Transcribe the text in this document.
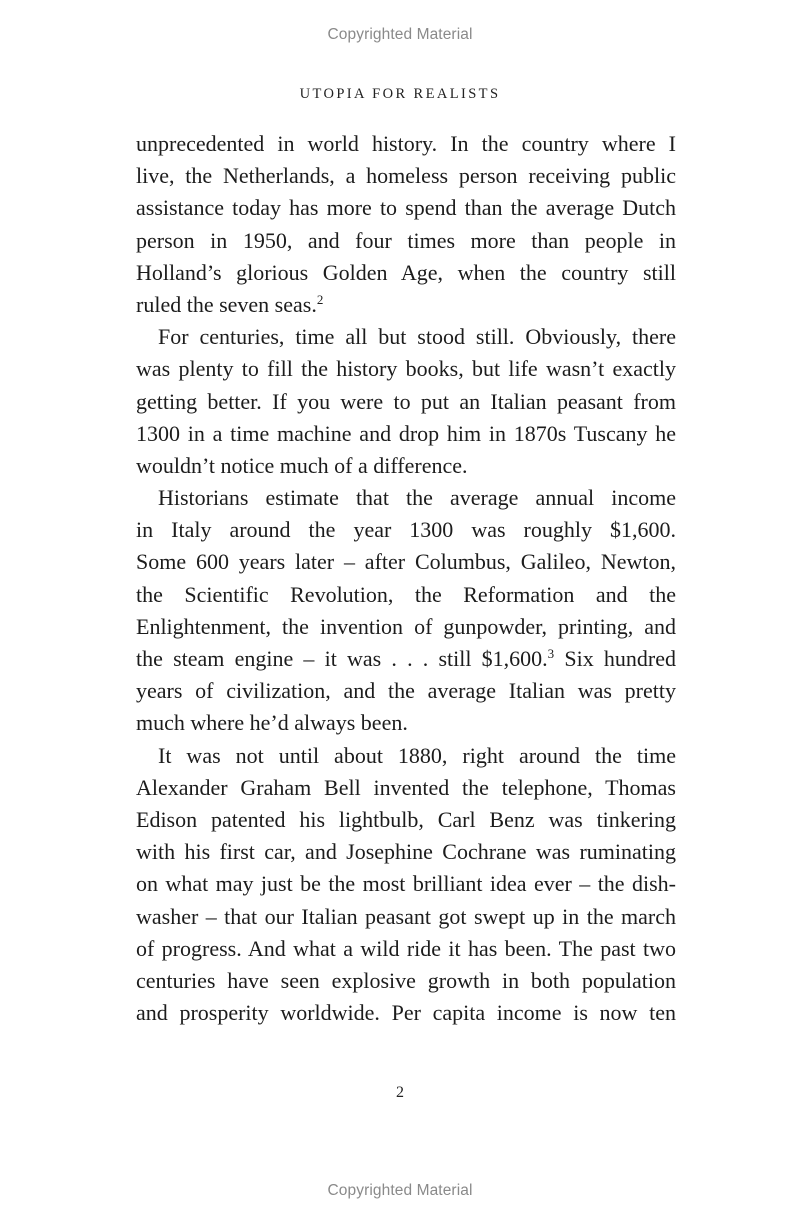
Copyrighted Material
UTOPIA FOR REALISTS
unprecedented in world history. In the country where I
live, the Netherlands, a homeless person receiving public
assistance today has more to spend than the average Dutch
person in 1950, and four times more than people in
Holland’s glorious Golden Age, when the country still
ruled the seven seas.$^2$
For centuries, time all but stood still. Obviously, there
was plenty to fill the history books, but life wasn’t exactly
getting better. If you were to put an Italian peasant from
1300 in a time machine and drop him in 1870s Tuscany he
wouldn’t notice much of a difference.
Historians estimate that the average annual income
in Italy around the year 1300 was roughly $1,600.
Some 600 years later – after Columbus, Galileo, Newton,
the Scientific Revolution, the Reformation and the
Enlightenment, the invention of gunpowder, printing, and
the steam engine – it was . . . still $1,600.$^3$ Six hundred
years of civilization, and the average Italian was pretty
much where he’d always been.
It was not until about 1880, right around the time
Alexander Graham Bell invented the telephone, Thomas
Edison patented his lightbulb, Carl Benz was tinkering
with his first car, and Josephine Cochrane was ruminating
on what may just be the most brilliant idea ever – the dish-
washer – that our Italian peasant got swept up in the march
of progress. And what a wild ride it has been. The past two
centuries have seen explosive growth in both population
and prosperity worldwide. Per capita income is now ten
2
Copyrighted Material
